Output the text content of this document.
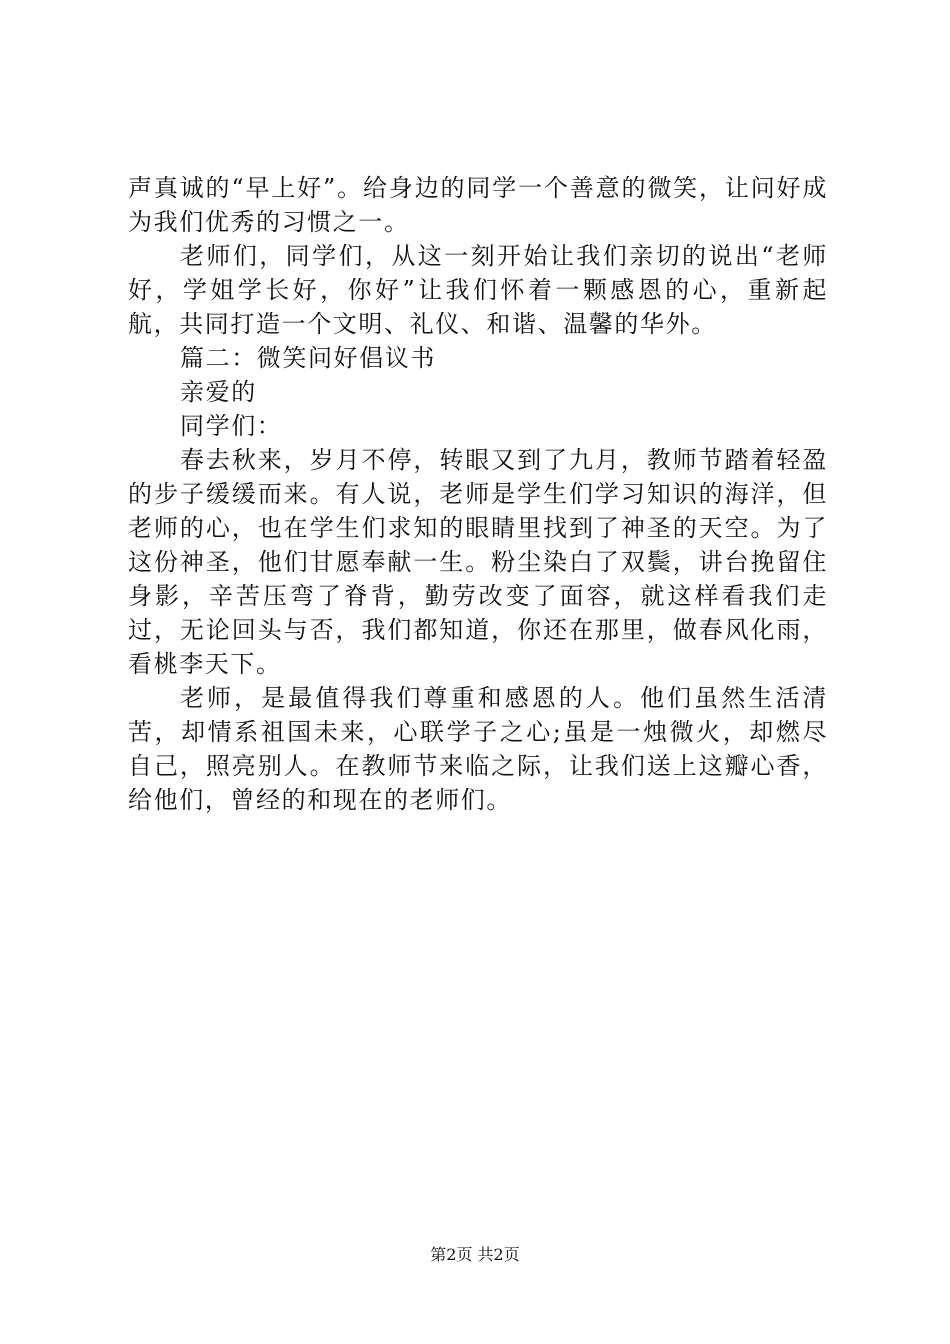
声真诚的“早上好”。给身边的同学一个善意的微笑，让问好成为我们优秀的习惯之一。

老师们，同学们，从这一刻开始让我们亲切的说出“老师好，学姐学长好，你好”让我们怀着一颗感恩的心，重新起航，共同打造一个文明、礼仪、和谐、温馨的华外。

篇二：微笑问好倡议书

亲爱的

同学们：

春去秋来，岁月不停，转眼又到了九月，教师节踏着轻盈的步子缓缓而来。有人说，老师是学生们学习知识的海洋，但老师的心，也在学生们求知的眼睛里找到了神圣的天空。为了这份神圣，他们甘愿奉献一生。粉尘染白了双鬓，讲台挽留住身影，辛苦压弯了脊背，勤劳改变了面容，就这样看我们走过，无论回头与否，我们都知道，你还在那里，做春风化雨，看桃李天下。

老师，是最值得我们尊重和感恩的人。他们虽然生活清苦，却情系祖国未来，心联学子之心;虽是一烛微火，却燃尽自己，照亮别人。在教师节来临之际，让我们送上这瓣心香，给他们，曾经的和现在的老师们。

第2页 共2页
